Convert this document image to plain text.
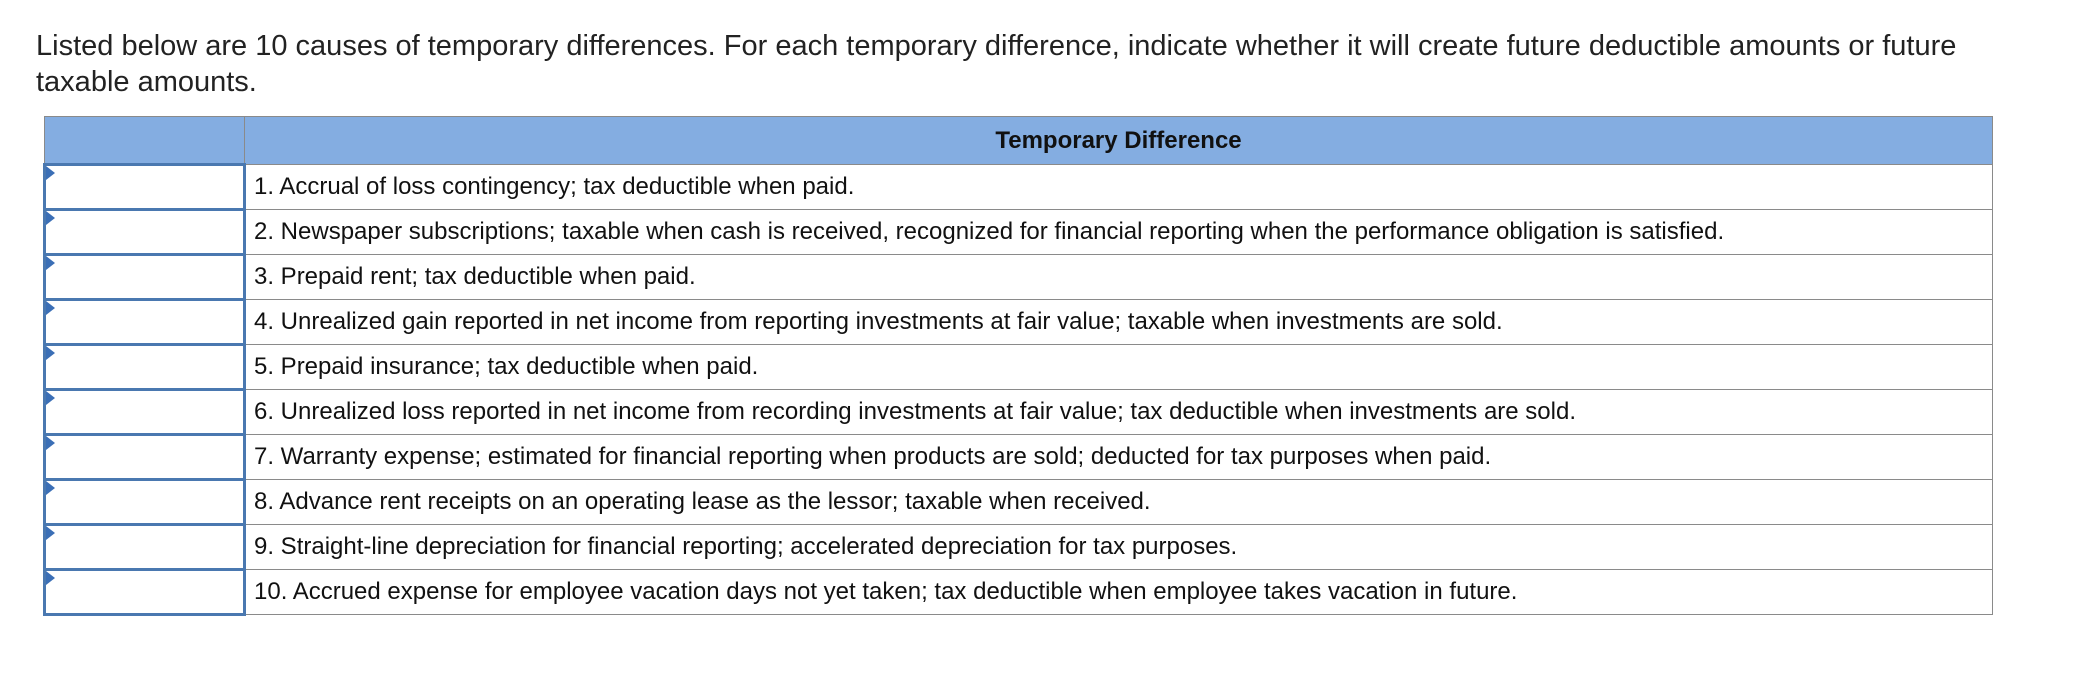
Listed below are 10 causes of temporary differences. For each temporary difference, indicate whether it will create future deductible amounts or future taxable amounts.

	Temporary Difference

	1. Accrual of loss contingency; tax deductible when paid.

	2. Newspaper subscriptions; taxable when cash is received, recognized for financial reporting when the performance obligation is satisfied.

	3. Prepaid rent; tax deductible when paid.

	4. Unrealized gain reported in net income from reporting investments at fair value; taxable when investments are sold.

	5. Prepaid insurance; tax deductible when paid.

	6. Unrealized loss reported in net income from recording investments at fair value; tax deductible when investments are sold.

	7. Warranty expense; estimated for financial reporting when products are sold; deducted for tax purposes when paid.

	8. Advance rent receipts on an operating lease as the lessor; taxable when received.

	9. Straight-line depreciation for financial reporting; accelerated depreciation for tax purposes.

	10. Accrued expense for employee vacation days not yet taken; tax deductible when employee takes vacation in future.
